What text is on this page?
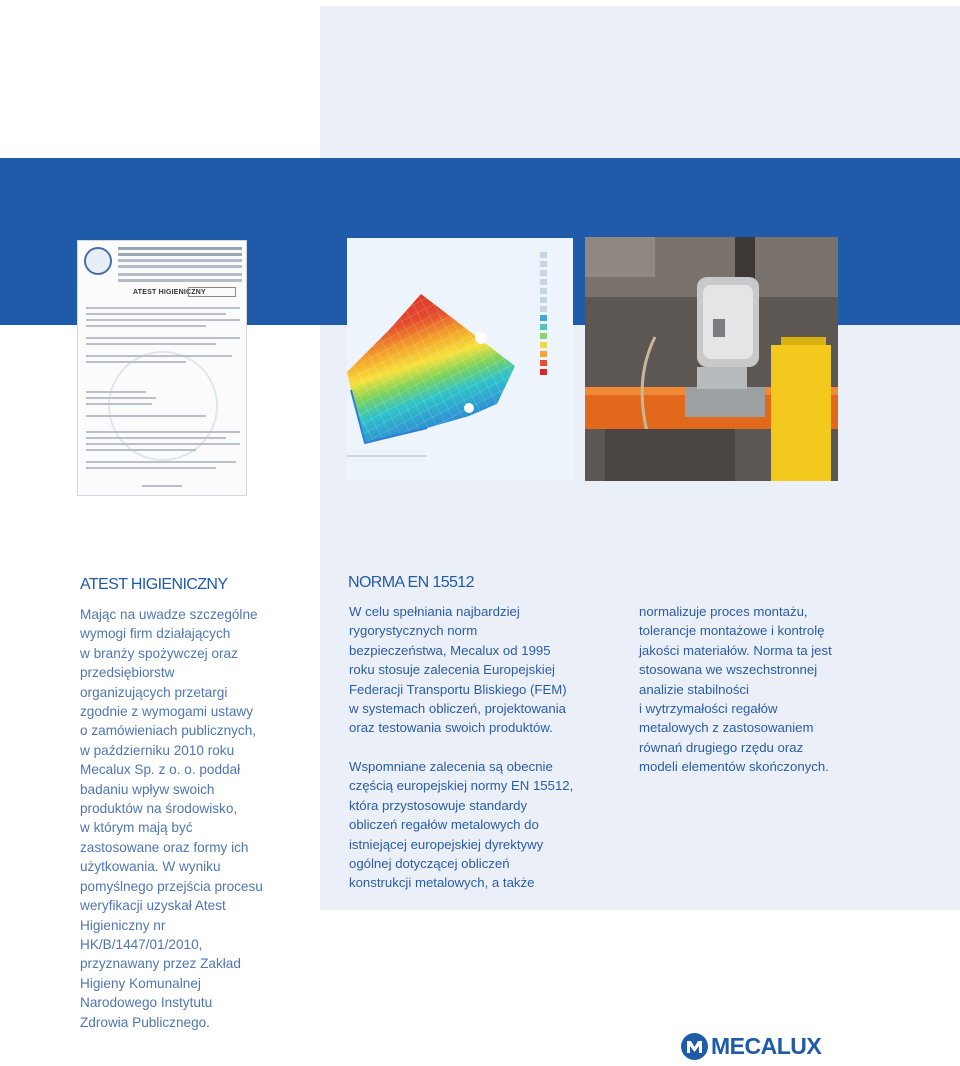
ATEST HIGIENICZNY
ATEST HIGIENICZNY
Mając na uwadze szczególne
wymogi firm działających
w branży spożywczej oraz
przedsiębiorstw
organizujących przetargi
zgodnie z wymogami ustawy
o zamówieniach publicznych,
w październiku 2010 roku
Mecalux Sp. z o. o. poddał
badaniu wpływ swoich
produktów na środowisko,
w którym mają być
zastosowane oraz formy ich
użytkowania. W wyniku
pomyślnego przejścia procesu
weryfikacji uzyskał Atest
Higieniczny nr
HK/B/1447/01/2010,
przyznawany przez Zakład
Higieny Komunalnej
Narodowego Instytutu
Zdrowia Publicznego.
NORMA EN 15512
W celu spełniania najbardziej
rygorystycznych norm
bezpieczeństwa, Mecalux od 1995
roku stosuje zalecenia Europejskiej
Federacji Transportu Bliskiego (FEM)
w systemach obliczeń, projektowania
oraz testowania swoich produktów.
Wspomniane zalecenia są obecnie
częścią europejskiej normy EN 15512,
która przystosowuje standardy
obliczeń regałów metalowych do
istniejącej europejskiej dyrektywy
ogólnej dotyczącej obliczeń
konstrukcji metalowych, a także
normalizuje proces montażu,
tolerancje montażowe i kontrolę
jakości materiałów. Norma ta jest
stosowana we wszechstronnej
analizie stabilności
i wytrzymałości regałów
metalowych z zastosowaniem
równań drugiego rzędu oraz
modeli elementów skończonych.
MECALUX
